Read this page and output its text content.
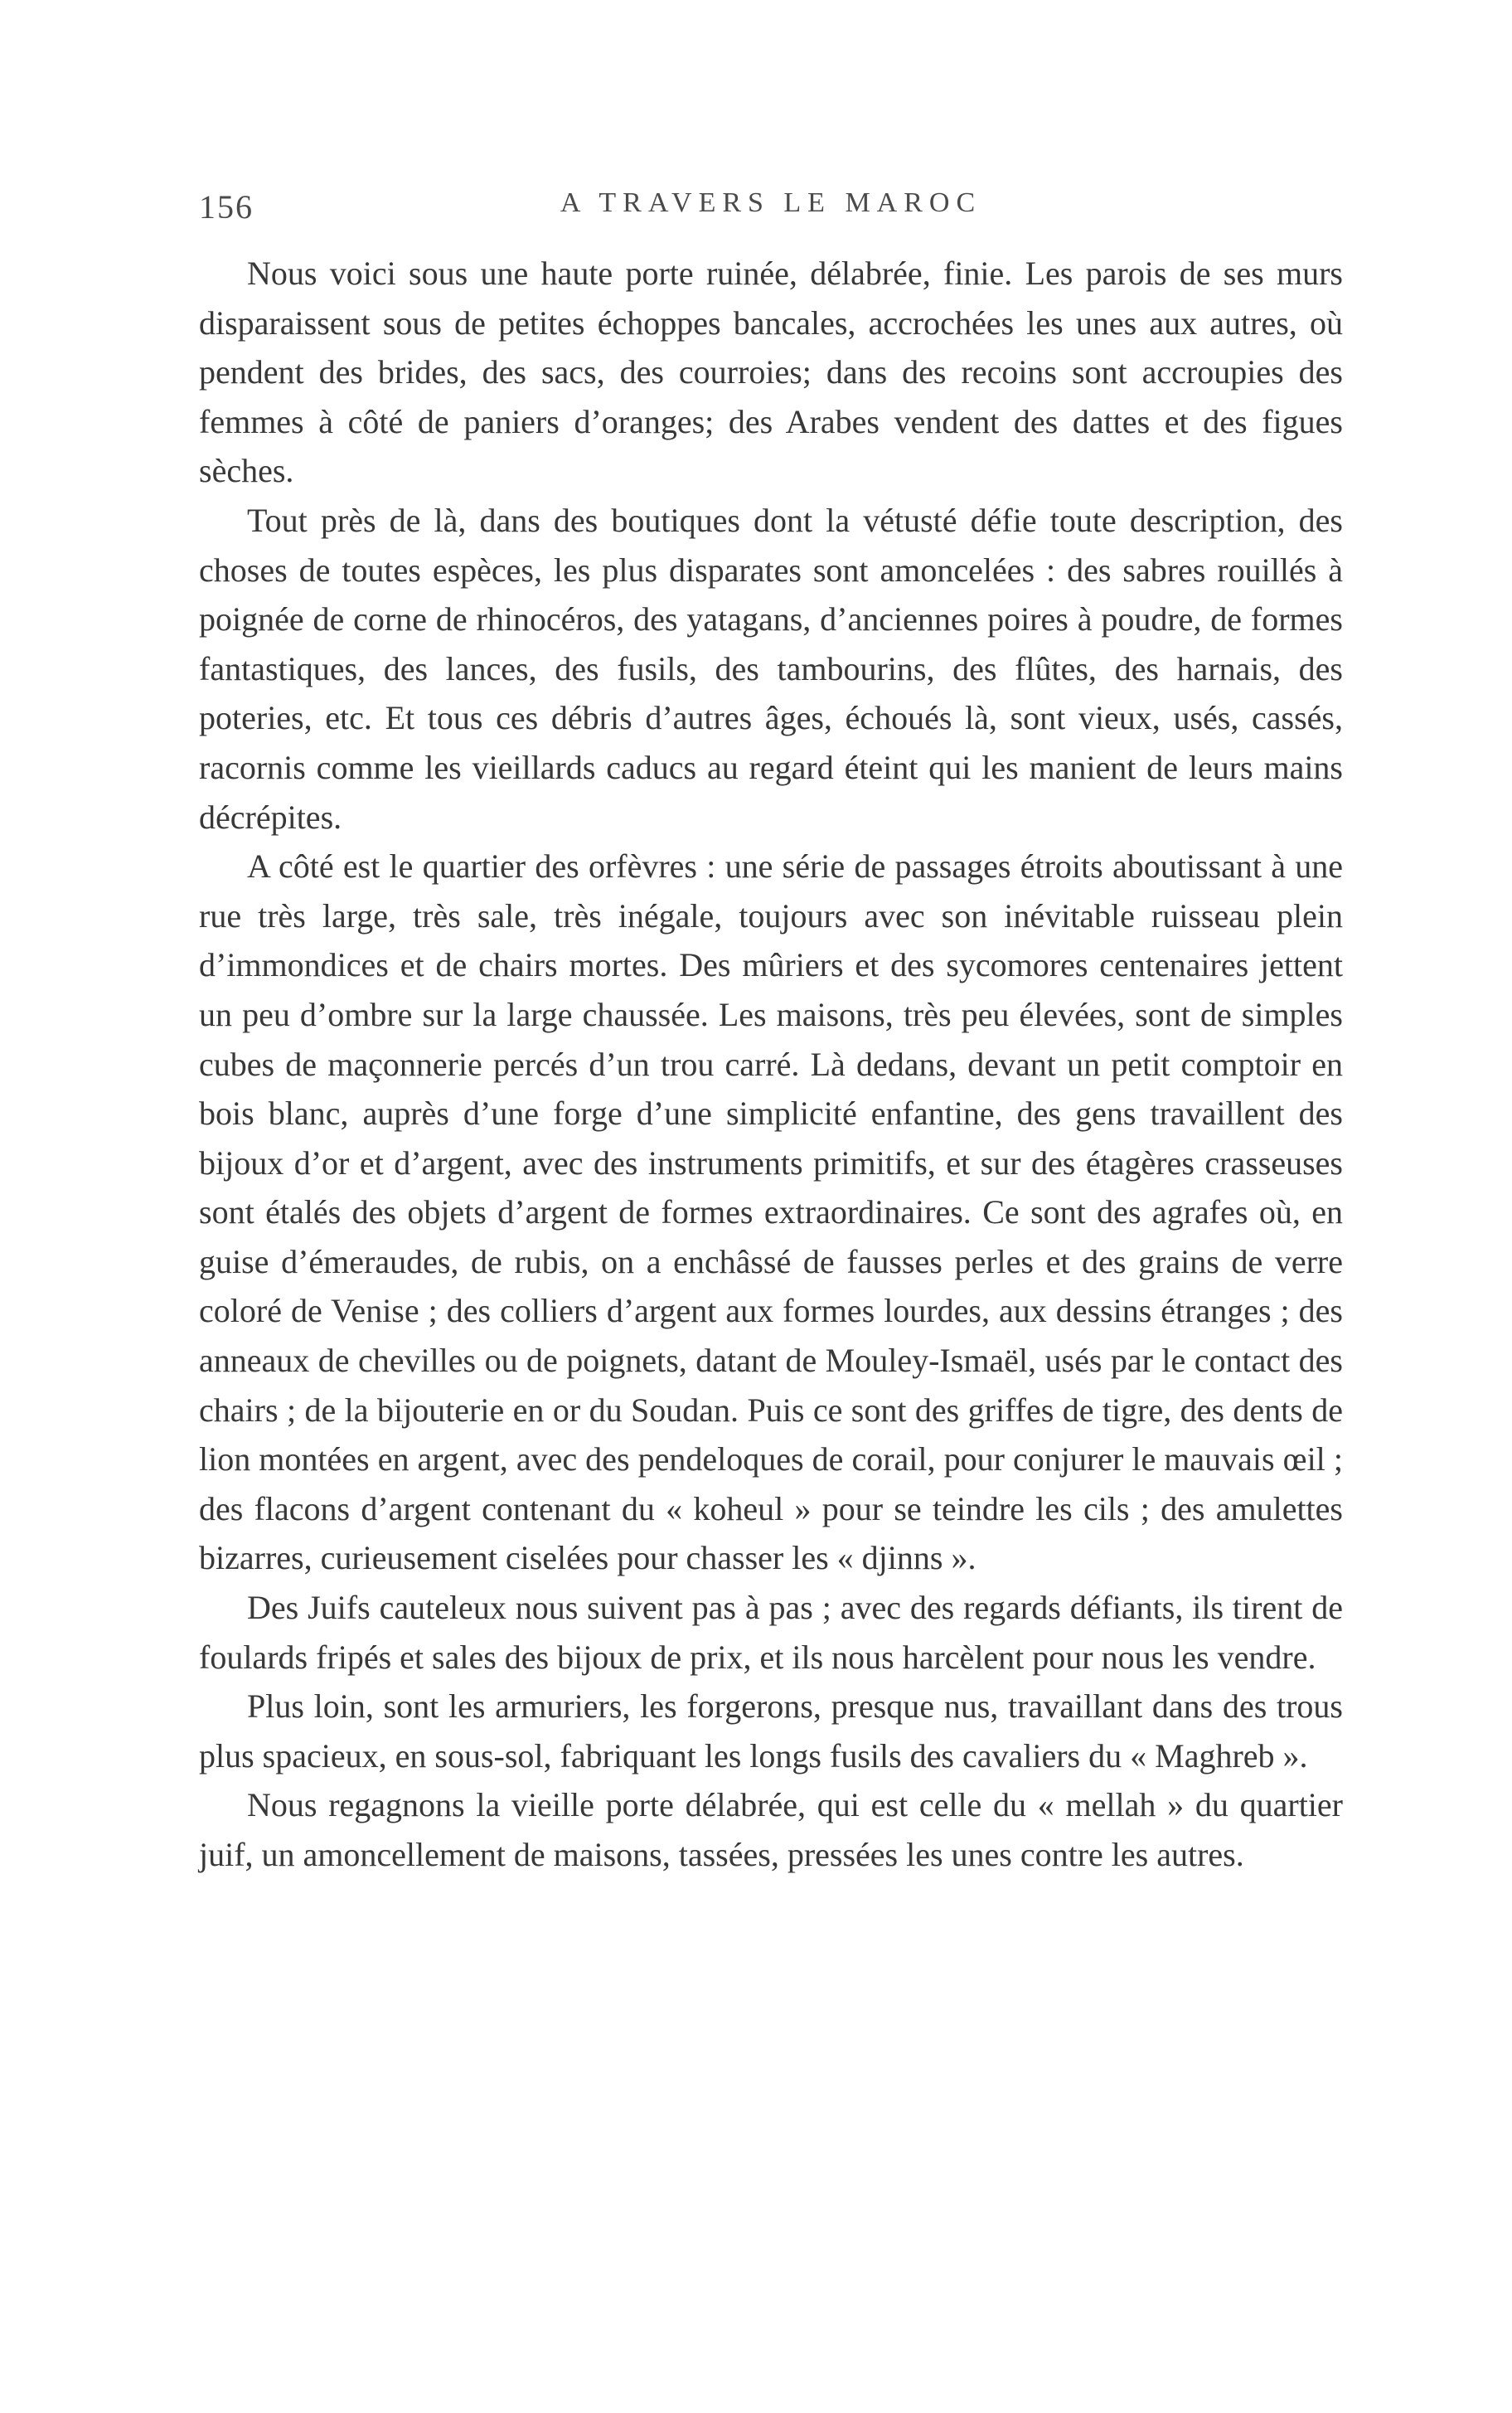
156	A TRAVERS LE MAROC

Nous voici sous une haute porte ruinée, délabrée, finie. Les parois de ses murs disparaissent sous de petites échoppes bancales, accrochées les unes aux autres, où pendent des brides, des sacs, des courroies; dans des recoins sont accroupies des femmes à côté de paniers d’oranges; des Arabes vendent des dattes et des figues sèches.

Tout près de là, dans des boutiques dont la vétusté défie toute description, des choses de toutes espèces, les plus disparates sont amoncelées : des sabres rouillés à poignée de corne de rhinocéros, des yatagans, d’anciennes poires à poudre, de formes fantastiques, des lances, des fusils, des tambourins, des flûtes, des harnais, des poteries, etc. Et tous ces débris d’autres âges, échoués là, sont vieux, usés, cassés, racornis comme les vieillards caducs au regard éteint qui les manient de leurs mains décrépites.

A côté est le quartier des orfèvres : une série de passages étroits aboutissant à une rue très large, très sale, très inégale, toujours avec son inévitable ruisseau plein d’immondices et de chairs mortes. Des mûriers et des sycomores centenaires jettent un peu d’ombre sur la large chaussée. Les maisons, très peu élevées, sont de simples cubes de maçonnerie percés d’un trou carré. Là dedans, devant un petit comptoir en bois blanc, auprès d’une forge d’une simplicité enfantine, des gens travaillent des bijoux d’or et d’argent, avec des instruments primitifs, et sur des étagères crasseuses sont étalés des objets d’argent de formes extraordinaires. Ce sont des agrafes où, en guise d’émeraudes, de rubis, on a enchâssé de fausses perles et des grains de verre coloré de Venise ; des colliers d’argent aux formes lourdes, aux dessins étranges ; des anneaux de chevilles ou de poignets, datant de Mouley-Ismaël, usés par le contact des chairs ; de la bijouterie en or du Soudan. Puis ce sont des griffes de tigre, des dents de lion montées en argent, avec des pendeloques de corail, pour conjurer le mauvais œil ; des flacons d’argent contenant du « koheul » pour se teindre les cils ; des amulettes bizarres, curieusement ciselées pour chasser les « djinns ».

Des Juifs cauteleux nous suivent pas à pas ; avec des regards défiants, ils tirent de foulards fripés et sales des bijoux de prix, et ils nous harcèlent pour nous les vendre.

Plus loin, sont les armuriers, les forgerons, presque nus, travaillant dans des trous plus spacieux, en sous-sol, fabriquant les longs fusils des cavaliers du « Maghreb ».

Nous regagnons la vieille porte délabrée, qui est celle du « mellah » du quartier juif, un amoncellement de maisons, tassées, pressées les unes contre les autres.
